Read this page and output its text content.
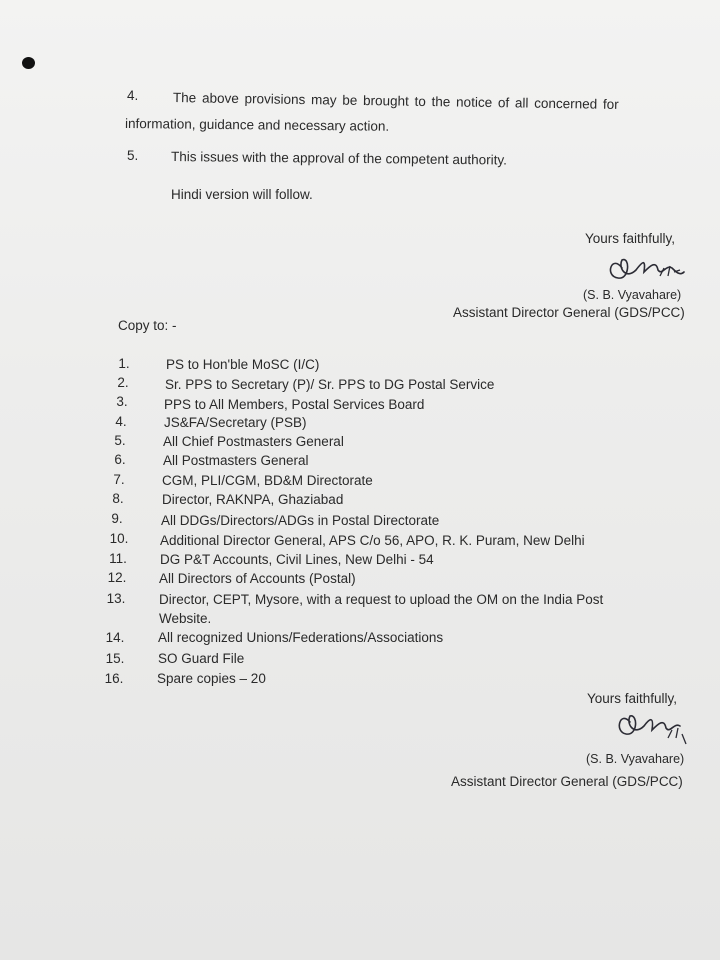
4.	The above provisions may be brought to the notice of all concerned for
information, guidance and necessary action.
5. This issues with the approval of the competent authority.
Hindi version will follow.
Yours faithfully,
(S. B. Vyavahare)
Assistant Director General (GDS/PCC)
Copy to: -
1.	PS to Hon'ble MoSC (I/C)
2.	Sr. PPS to Secretary (P)/ Sr. PPS to DG Postal Service
3.	PPS to All Members, Postal Services Board
4.	JS&FA/Secretary (PSB)
5.	All Chief Postmasters General
6.	All Postmasters General
7.	CGM, PLI/CGM, BD&M Directorate
8.	Director, RAKNPA, Ghaziabad
9.	All DDGs/Directors/ADGs in Postal Directorate
10.	Additional Director General, APS C/o 56, APO, R. K. Puram, New Delhi
11.	DG P&T Accounts, Civil Lines, New Delhi - 54
12.	All Directors of Accounts (Postal)
13.	Director, CEPT, Mysore, with a request to upload the OM on the India Post
Website.
14.	All recognized Unions/Federations/Associations
15.	SO Guard File
16.	Spare copies – 20
Yours faithfully,
(S. B. Vyavahare)
Assistant Director General (GDS/PCC)
